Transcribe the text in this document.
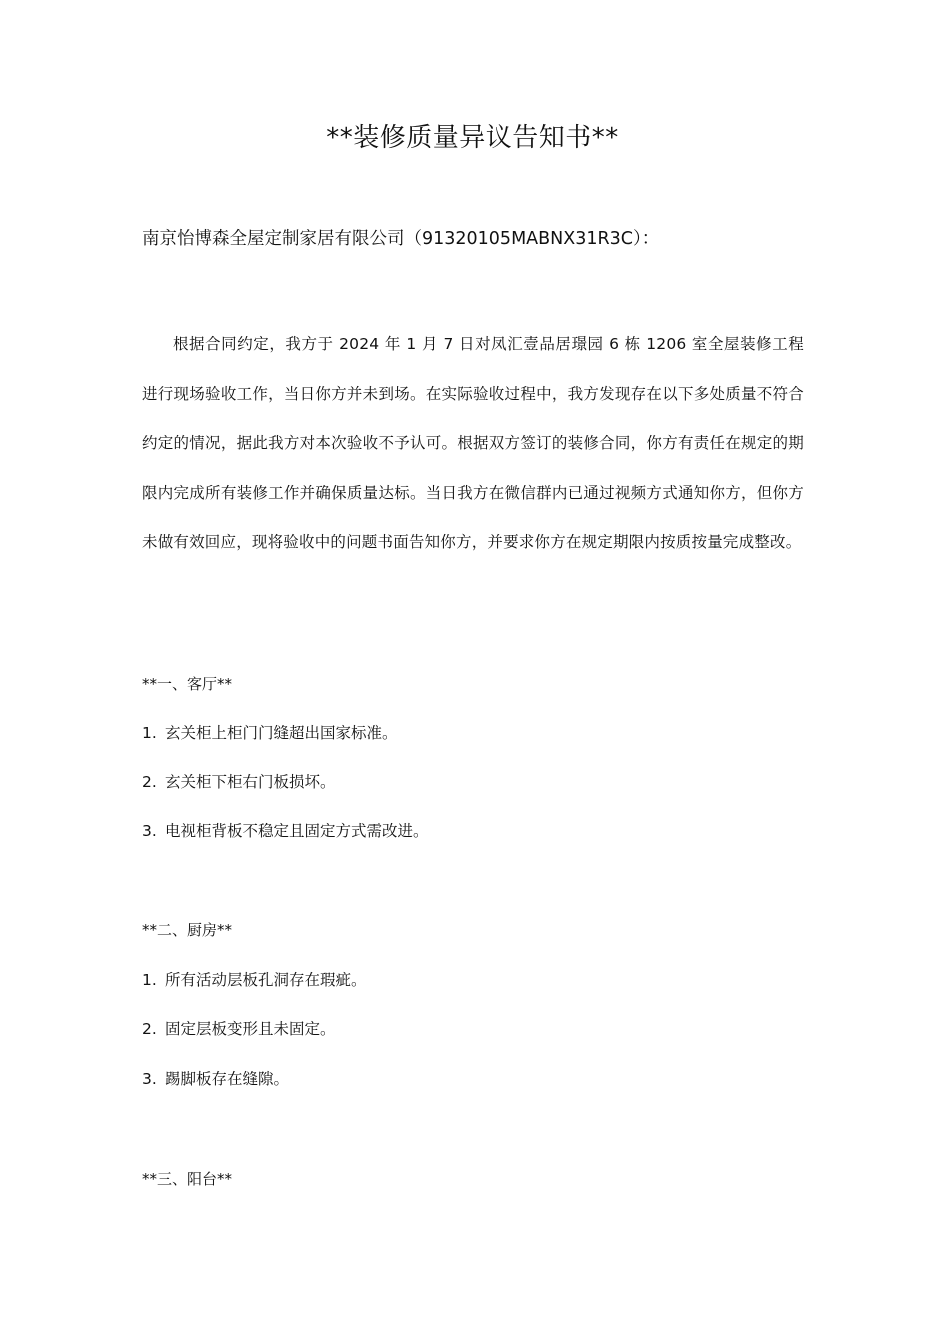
**装修质量异议告知书**
南京怡博森全屋定制家居有限公司（91320105MABNX31R3C）：
根据合同约定，我方于 2024 年 1 月 7 日对凤汇壹品居璟园 6 栋 1206 室全屋装修工程进行现场验收工作，当日你方并未到场。在实际验收过程中，我方发现存在以下多处质量不符合约定的情况，据此我方对本次验收不予认可。根据双方签订的装修合同，你方有责任在规定的期限内完成所有装修工作并确保质量达标。当日我方在微信群内已通过视频方式通知你方，但你方未做有效回应，现将验收中的问题书面告知你方，并要求你方在规定期限内按质按量完成整改。
**一、客厅**
1. 玄关柜上柜门门缝超出国家标准。
2. 玄关柜下柜右门板损坏。
3. 电视柜背板不稳定且固定方式需改进。
**二、厨房**
1. 所有活动层板孔洞存在瑕疵。
2. 固定层板变形且未固定。
3. 踢脚板存在缝隙。
**三、阳台**
